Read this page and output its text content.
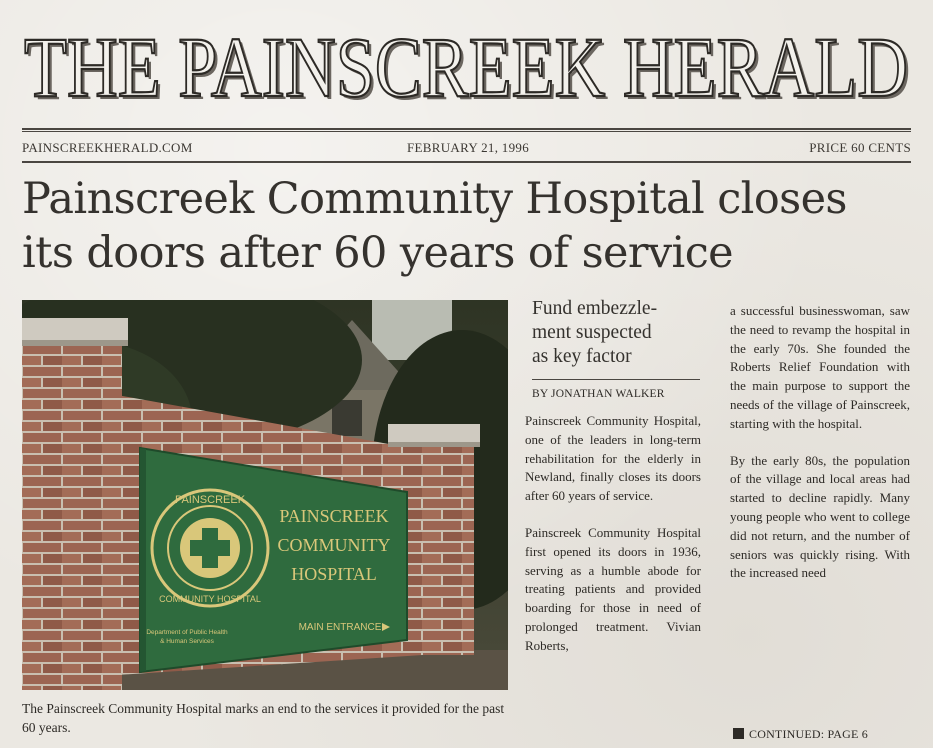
THE PAINSCREEK HERALD
THE PAINSCREEK HERALD
PAINSCREEKHERALD.COM	FEBRUARY 21, 1996	PRICE 60 CENTS
Painscreek Community Hospital closes
its doors after 60 years of service
PAINSCREEK
COMMUNITY HOSPITAL
PAINSCREEK
COMMUNITY
HOSPITAL
Department of Public Health
& Human Services
MAIN ENTRANCE
The Painscreek Community Hospital marks an end to the services it provided for the past 60 years.
Fund embezzle-
ment suspected
as key factor
BY JONATHAN WALKER

Painscreek Community Hospital, one of the leaders in long-term rehabilitation for the elderly in Newland, finally closes its doors after 60 years of service.

Painscreek Community Hospital first opened its doors in 1936, serving as a humble abode for treating patients and provided boarding for those in need of prolonged treatment. Vivian Roberts,

a successful businesswoman, saw the need to revamp the hospital in the early 70s. She founded the Roberts Relief Foundation with the main purpose to support the needs of the village of Painscreek, starting with the hospital.

By the early 80s, the population of the village and local areas had started to decline rapidly. Many young people who went to college did not return, and the number of seniors was quickly rising. With the increased need

CONTINUED: PAGE 6
